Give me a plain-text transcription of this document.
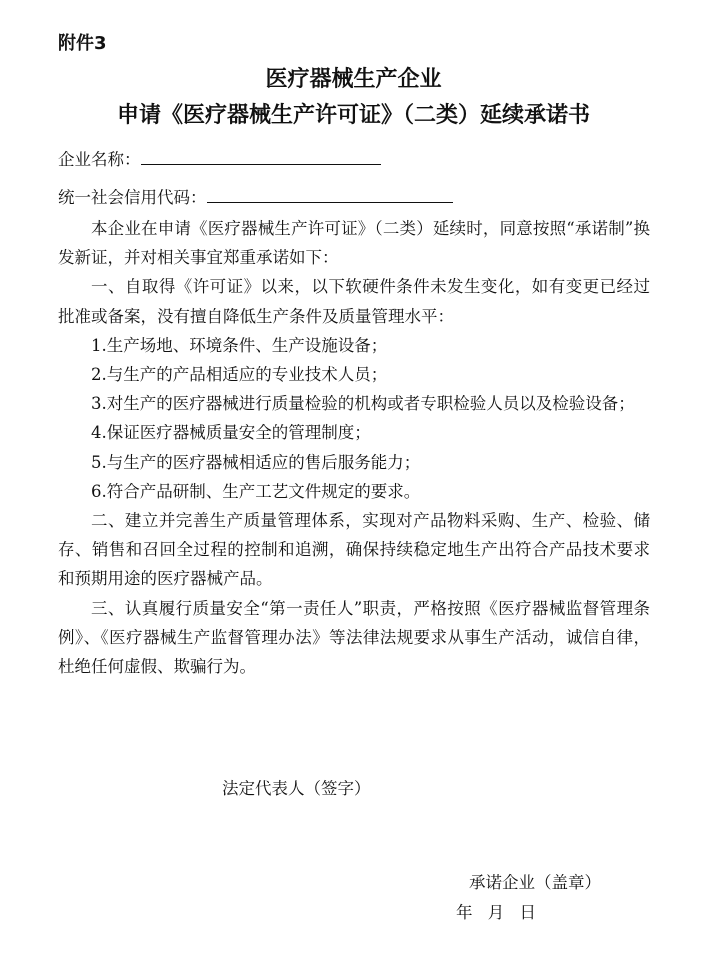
附件3
医疗器械生产企业
申请《医疗器械生产许可证》（二类）延续承诺书
企业名称：
统一社会信用代码：

本企业在申请《医疗器械生产许可证》（二类）延续时，同意按照“承诺制”换发新证，并对相关事宜郑重承诺如下：

一、自取得《许可证》以来，以下软硬件条件未发生变化，如有变更已经过批准或备案，没有擅自降低生产条件及质量管理水平：

1.生产场地、环境条件、生产设施设备；

2.与生产的产品相适应的专业技术人员；

3.对生产的医疗器械进行质量检验的机构或者专职检验人员以及检验设备；

4.保证医疗器械质量安全的管理制度；

5.与生产的医疗器械相适应的售后服务能力；

6.符合产品研制、生产工艺文件规定的要求。

二、建立并完善生产质量管理体系，实现对产品物料采购、生产、检验、储存、销售和召回全过程的控制和追溯，确保持续稳定地生产出符合产品技术要求和预期用途的医疗器械产品。

三、认真履行质量安全“第一责任人”职责，严格按照《医疗器械监督管理条例》、《医疗器械生产监督管理办法》等法律法规要求从事生产活动，诚信自律，杜绝任何虚假、欺骗行为。

法定代表人（签字）
承诺企业（盖章）
年 月 日
